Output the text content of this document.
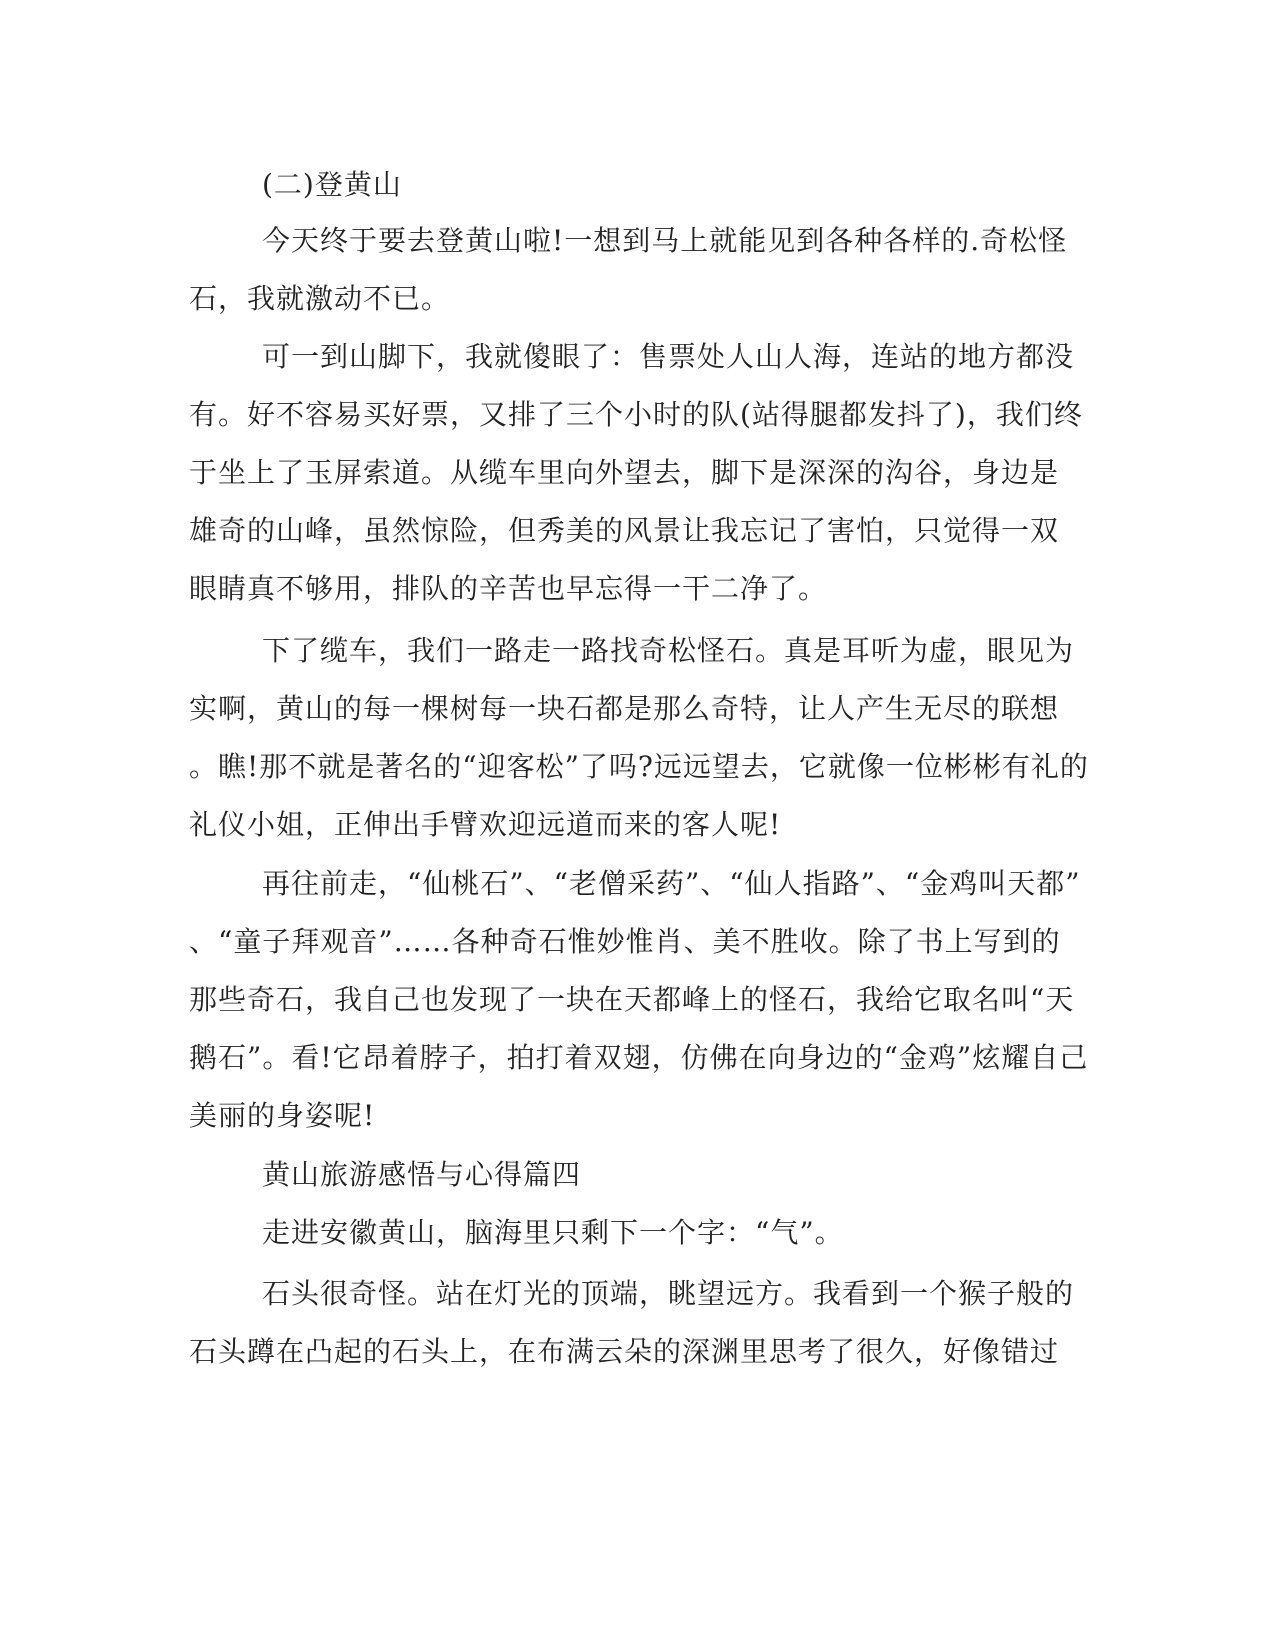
(二)登黄山
今天终于要去登黄山啦!一想到马上就能见到各种各样的.奇松怪
石，我就激动不已。
可一到山脚下，我就傻眼了：售票处人山人海，连站的地方都没
有。好不容易买好票，又排了三个小时的队(站得腿都发抖了)，我们终
于坐上了玉屏索道。从缆车里向外望去，脚下是深深的沟谷，身边是
雄奇的山峰，虽然惊险，但秀美的风景让我忘记了害怕，只觉得一双
眼睛真不够用，排队的辛苦也早忘得一干二净了。
下了缆车，我们一路走一路找奇松怪石。真是耳听为虚，眼见为
实啊，黄山的每一棵树每一块石都是那么奇特，让人产生无尽的联想
。瞧!那不就是著名的“迎客松”了吗?远远望去，它就像一位彬彬有礼的
礼仪小姐，正伸出手臂欢迎远道而来的客人呢!
再往前走，“仙桃石”、“老僧采药”、“仙人指路”、“金鸡叫天都”
、“童子拜观音”……各种奇石惟妙惟肖、美不胜收。除了书上写到的
那些奇石，我自己也发现了一块在天都峰上的怪石，我给它取名叫“天
鹅石”。看!它昂着脖子，拍打着双翅，仿佛在向身边的“金鸡”炫耀自己
美丽的身姿呢!
黄山旅游感悟与心得篇四
走进安徽黄山，脑海里只剩下一个字：“气”。
石头很奇怪。站在灯光的顶端，眺望远方。我看到一个猴子般的
石头蹲在凸起的石头上，在布满云朵的深渊里思考了很久，好像错过
